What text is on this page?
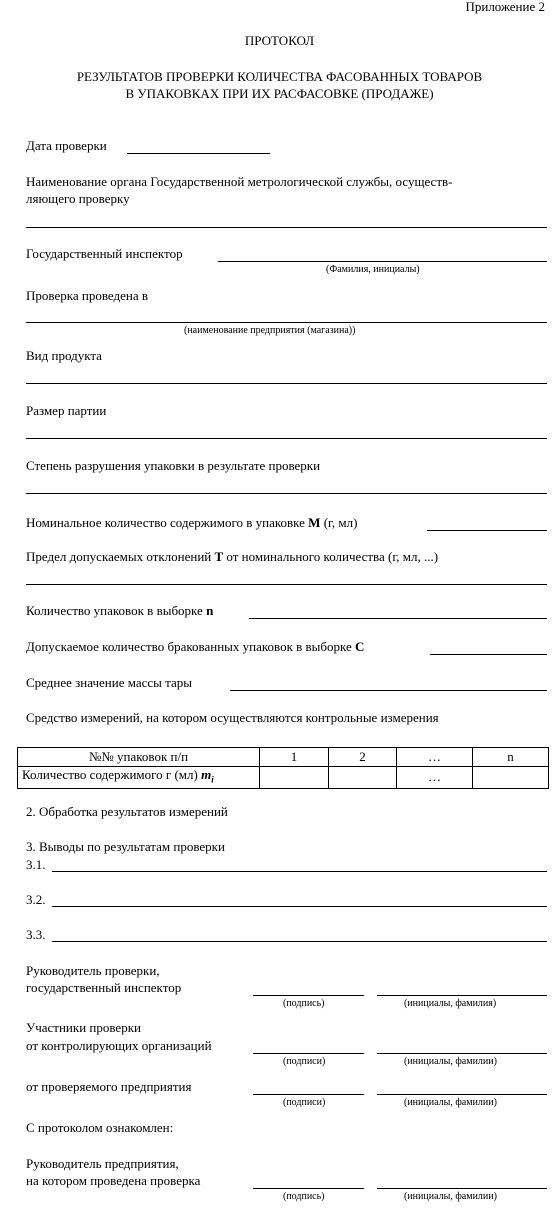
Приложение 2
ПРОТОКОЛ
РЕЗУЛЬТАТОВ ПРОВЕРКИ КОЛИЧЕСТВА ФАСОВАННЫХ ТОВАРОВ
В УПАКОВКАХ ПРИ ИХ РАСФАСОВКЕ (ПРОДАЖЕ)
Дата проверки
Наименование органа Государственной метрологической службы, осуществ-
ляющего проверку
Государственный инспектор
(Фамилия, инициалы)
Проверка проведена в
(наименование предприятия (магазина))
Вид продукта
Размер партии
Степень разрушения упаковки в результате проверки
Номинальное количество содержимого в упаковке M (г, мл)
Предел допускаемых отклонений T от номинального количества (г, мл, ...)
Количество упаковок в выборке n
Допускаемое количество бракованных упаковок в выборке C
Среднее значение массы тары
Средство измерений, на котором осуществляются контрольные измерения
№№ упаковок п/п	1	2	…	n
Количество содержимого г (мл) $m_i$			…	
2. Обработка результатов измерений
3. Выводы по результатам проверки
3.1.
3.2.
3.3.
Руководитель проверки,
государственный инспектор
(подпись)	(инициалы, фамилия)
Участники проверки
от контролирующих организаций
(подписи)	(инициалы, фамилии)
от проверяемого предприятия
(подписи)	(инициалы, фамилии)
С протоколом ознакомлен:
Руководитель предприятия,
на котором проведена проверка
(подпись)	(инициалы, фамилии)
